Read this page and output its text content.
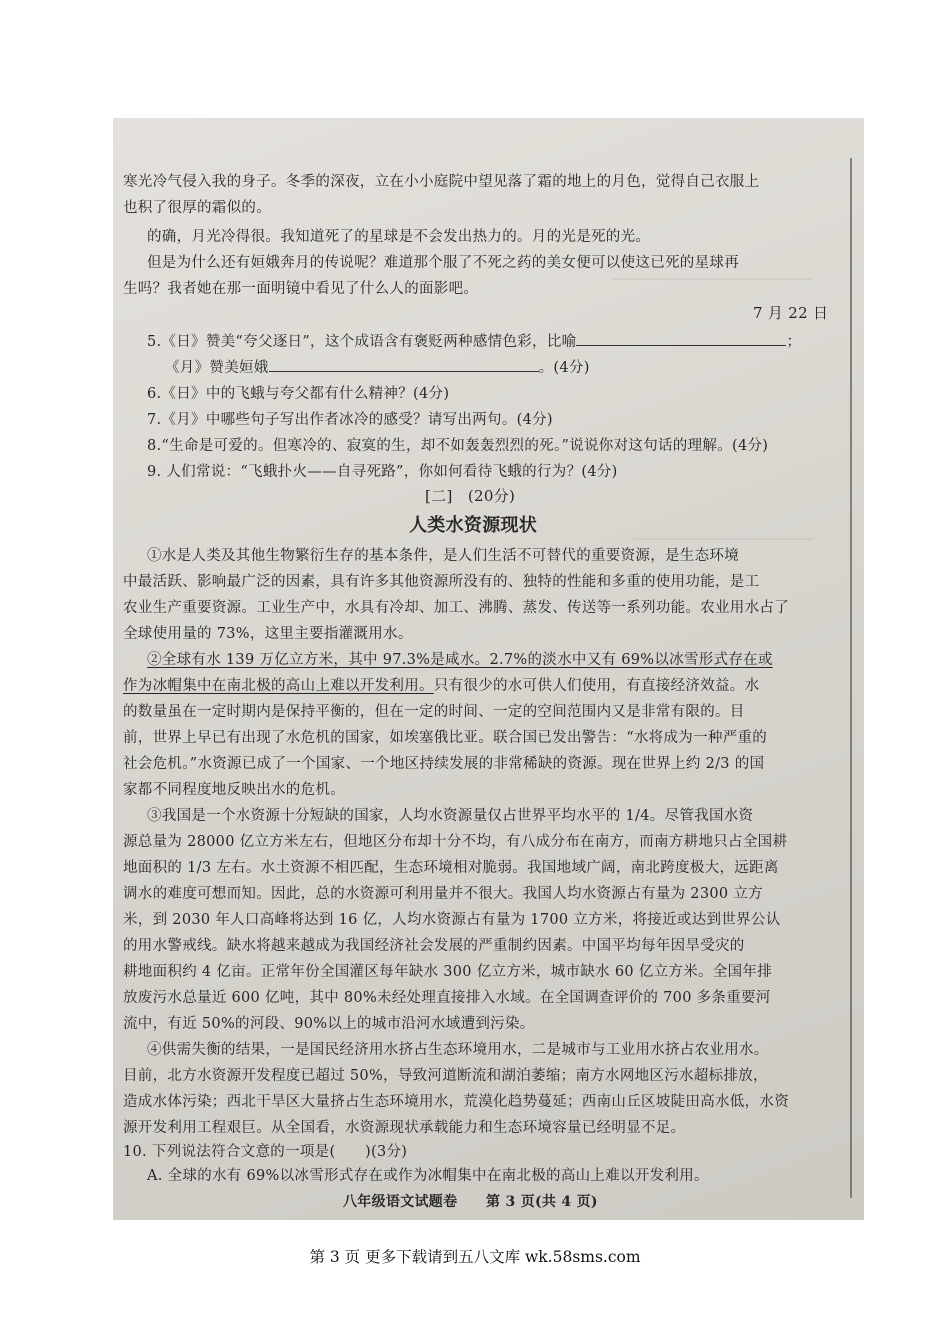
寒光冷气侵入我的身子。冬季的深夜，立在小小庭院中望见落了霜的地上的月色，觉得自己衣服上
也积了很厚的霜似的。
的确，月光冷得很。我知道死了的星球是不会发出热力的。月的光是死的光。
但是为什么还有姮娥奔月的传说呢？难道那个服了不死之药的美女便可以使这已死的星球再
生吗？我者她在那一面明镜中看见了什么人的面影吧。
7 月 22 日
5.《日》赞美“夸父逐日”，这个成语含有褒贬两种感情色彩，比喻	；
《月》赞美姮娥	。(4分)
6.《日》中的飞蛾与夸父都有什么精神？(4分)
7.《月》中哪些句子写出作者冰冷的感受？请写出两句。(4分)
8.“生命是可爱的。但寒冷的、寂寞的生，却不如轰轰烈烈的死。”说说你对这句话的理解。(4分)
9. 人们常说：“飞蛾扑火——自寻死路”，你如何看待飞蛾的行为？(4分)
[二]　(20分)
人类水资源现状
①水是人类及其他生物繁衍生存的基本条件，是人们生活不可替代的重要资源，是生态环境
中最活跃、影响最广泛的因素，具有许多其他资源所没有的、独特的性能和多重的使用功能，是工
农业生产重要资源。工业生产中，水具有冷却、加工、沸腾、蒸发、传送等一系列功能。农业用水占了
全球使用量的 73%，这里主要指灌溉用水。
②全球有水 139 万亿立方米，其中 97.3%是咸水。2.7%的淡水中又有 69%以冰雪形式存在或
作为冰帽集中在南北极的高山上难以开发利用。只有很少的水可供人们使用，有直接经济效益。水
的数量虽在一定时期内是保持平衡的，但在一定的时间、一定的空间范围内又是非常有限的。目
前，世界上早已有出现了水危机的国家，如埃塞俄比亚。联合国已发出警告：“水将成为一种严重的
社会危机。”水资源已成了一个国家、一个地区持续发展的非常稀缺的资源。现在世界上约 2/3 的国
家都不同程度地反映出水的危机。
③我国是一个水资源十分短缺的国家，人均水资源量仅占世界平均水平的 1/4。尽管我国水资
源总量为 28000 亿立方米左右，但地区分布却十分不均，有八成分布在南方，而南方耕地只占全国耕
地面积的 1/3 左右。水土资源不相匹配，生态环境相对脆弱。我国地域广阔，南北跨度极大，远距离
调水的难度可想而知。因此，总的水资源可利用量并不很大。我国人均水资源占有量为 2300 立方
米，到 2030 年人口高峰将达到 16 亿，人均水资源占有量为 1700 立方米，将接近或达到世界公认
的用水警戒线。缺水将越来越成为我国经济社会发展的严重制约因素。中国平均每年因旱受灾的
耕地面积约 4 亿亩。正常年份全国灌区每年缺水 300 亿立方米，城市缺水 60 亿立方米。全国年排
放废污水总量近 600 亿吨，其中 80%未经处理直接排入水域。在全国调查评价的 700 多条重要河
流中，有近 50%的河段、90%以上的城市沿河水域遭到污染。
④供需失衡的结果，一是国民经济用水挤占生态环境用水，二是城市与工业用水挤占农业用水。
目前，北方水资源开发程度已超过 50%，导致河道断流和湖泊萎缩；南方水网地区污水超标排放，
造成水体污染；西北干旱区大量挤占生态环境用水，荒漠化趋势蔓延；西南山丘区坡陡田高水低，水资
源开发利用工程艰巨。从全国看，水资源现状承载能力和生态环境容量已经明显不足。
10. 下列说法符合文意的一项是(　　)(3分)
A. 全球的水有 69%以冰雪形式存在或作为冰帽集中在南北极的高山上难以开发利用。
八年级语文试题卷　　第 3 页(共 4 页)
第 3 页 更多下载请到五八文库 wk.58sms.com
